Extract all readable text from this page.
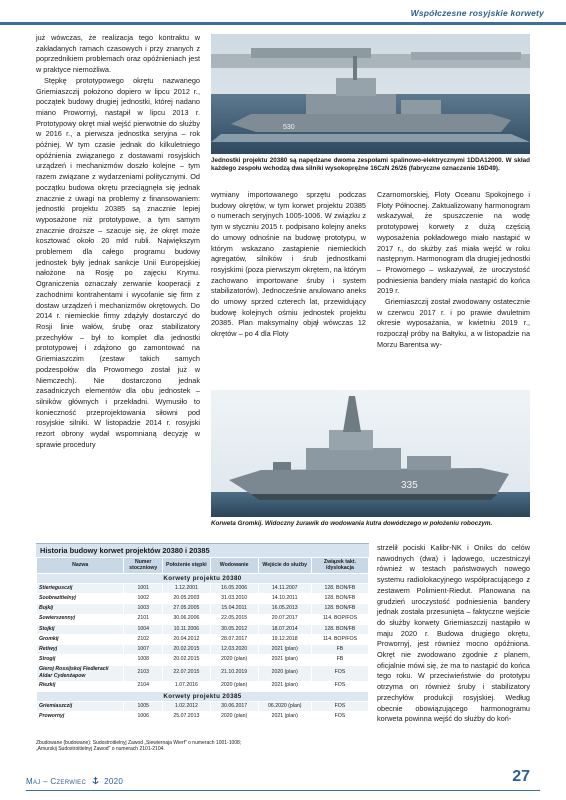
Współczesne rosyjskie korwety

już wówczas, że realizacja tego kontraktu w zakładanych ramach czasowych i przy znanych z poprzednikiem problemach oraz opóźnieniach jest w praktyce niemożliwa.

Stępkę prototypowego okrętu nazwanego Griemiaszczij położono dopiero w lipcu 2012 r., początek budowy drugiej jednostki, której nadano miano Prowornyj, nastąpił w lipcu 2013 r. Prototypowy okręt miał wejść pierwotnie do służby w 2016 r., a pierwsza jednostka seryjna – rok później. W tym czasie jednak do kilkuletniego opóźnienia związanego z dostawami rosyjskich urządzeń i mechanizmów doszło kolejne – tym razem związane z wydarzeniami politycznymi. Od początku budowa okrętu przeciągnęła się jednak znacznie z uwagi na problemy z finansowaniem: jednostki projektu 20385 są znacznie lepiej wyposażone niż prototypowe, a tym samym znacznie droższe – szacuje się, że okręt może kosztować około 20 mld rubli. Największym problemem dla całego programu budowy jednostek były jednak sankcje Unii Europejskiej nałożone na Rosję po zajęciu Krymu. Ograniczenia oznaczały zerwanie kooperacji z zachodnimi kontrahentami i wycofanie się firm z dostaw urządzeń i mechanizmów okrętowych. Do 2014 r. niemieckie firmy zdążyły dostarczyć do Rosji linie wałów, śrubę oraz stabilizatory przechyłów – był to komplet dla jednostki prototypowej i zdążono go zamontować na Griemiaszczim (zestaw takich samych podzespołów dla Prowornego został już w Niemczech). Nie dostarczono jednak zasadniczych elementów dla obu jednostek – silników głównych i przekładni. Wymusiło to konieczność przeprojektowania siłowni pod rosyjskie silniki. W listopadzie 2014 r. rosyjski rezort obrony wydał wspomnianą decyzję w sprawie procedury

530
Jednostki projektu 20380 są napędzane dwoma zespołami spalinowo-elektrycznymi 1DDA12000. W skład każdego zespołu wchodzą dwa silniki wysokoprężne 16CzN 26/26 (fabryczne oznaczenie 16D49).

wymiany importowanego sprzętu podczas budowy okrętów, w tym korwet projektu 20385 o numerach seryjnych 1005-1006. W związku z tym w styczniu 2015 r. podpisano kolejny aneks do umowy odnośnie na budowę prototypu, w którym wskazano zastąpienie niemieckich agregatów, silników i śrub jednostkami rosyjskimi (poza pierwszym okrętem, na którym zachowano importowane śruby i system stabilizatorów). Jednocześnie anulowano aneks do umowy sprzed czterech lat, przewidujący budowę kolejnych ośmiu jednostek projektu 20385. Plan maksymalny objął wówczas 12 okrętów – po 4 dla Floty

Czarnomorskiej, Floty Oceanu Spokojnego i Floty Północnej. Zaktualizowany harmonogram wskazywał, że spuszczenie na wodę prototypowej korwety z dużą częścią wyposażenia pokładowego miało nastąpić w 2017 r., do służby zaś miała wejść w roku następnym. Harmonogram dla drugiej jednostki – Prowornego – wskazywał, że uroczystość podniesienia bandery miała nastąpić do końca 2019 r.

Griemiaszczij został zwodowany ostatecznie w czerwcu 2017 r. i po prawie dwuletnim okresie wyposażania, w kwietniu 2019 r., rozpoczął próby na Bałtyku, a w listopadzie na Morzu Barentsa wy-

335
Korweta Gromkij. Widoczny żurawik do wodowania kutra dowódczego w położeniu roboczym.
Historia budowy korwet projektów 20380 i 20385
Nazwa	Numer stoczniowy	Położenie stępki	Wodowanie	Wejście do służby	Związek takt. /dyslokacja
Korwety projektu 20380					
Stieriegusczij	1001	1.12.2001	16.05.2006	14.11.2007	128. BON/FB
Soobrazitielnyj	1002	20.05.2003	31.03.2010	14.10.2011	128. BON/FB
Bojkij	1003	27.05.2005	15.04.2011	16.05.2013	128. BON/FB
Sowierszennyj	2101	30.06.2006	22.05.2015	20.07.2017	114. BOP/FOS
Stojkij	1004	10.11.2006	30.05.2012	18.07.2014	128. BON/FB
Gromkij	2102	20.04.2012	28.07.2017	19.12.2018	114. BOP/FOS
Retiwyj	1007	20.02.2015	12.03.2020	2021 (plan)	FB
Strogij	1008	20.02.2015	2020 (plan)	2021 (plan)	FB
Gieroj Rossijskoj Fiedieracii Aldar Cydenżapow	2103	22.07.2015	21.10.2019	2020 (plan)	FOS
Riezkij	2104	1.07.2016	2020 (plan)	2021 (plan)	FOS
Korwety projektu 20385					
Griemiaszczij	1005	1.02.2012	30.06.2017	06.2020 (plan)	FOS
Prowornyj	1006	25.07.2013	2020 (plan)	2021 (plan)	FOS
Zbudowane (budowane): Sudostroitielnyj Zawod „Siewiernaja Wierf" o numerach 1001-1008;
„Amurskij Sudostroitielnyj Zawod" o numerach 2101-2104.

strzelił pociski Kalibr-NK i Oniks do celów nawodnych (dwa) i lądowego, uczestniczył również w testach państwowych nowego systemu radiolokacyjnego współpracującego z zestawem Polimient-Riedut. Planowana na grudzień uroczystość podniesienia bandery jednak została przesunięta – faktyczne wejście do służby korwety Griemiaszczij nastąpiło w maju 2020 r. Budowa drugiego okrętu, Prowornyj, jest również mocno opóźniona. Okręt nie zwodowano zgodnie z planem, oficjalnie mówi się, że ma to nastąpić do końca tego roku. W przeciwieństwie do prototypu otrzyma on również śruby i stabilizatory przechyłów produkcji rosyjskiej. Według obecnie obowiązującego harmonogramu korweta powinna wejść do służby do koń-

Maj – Czerwiec 2020	27
